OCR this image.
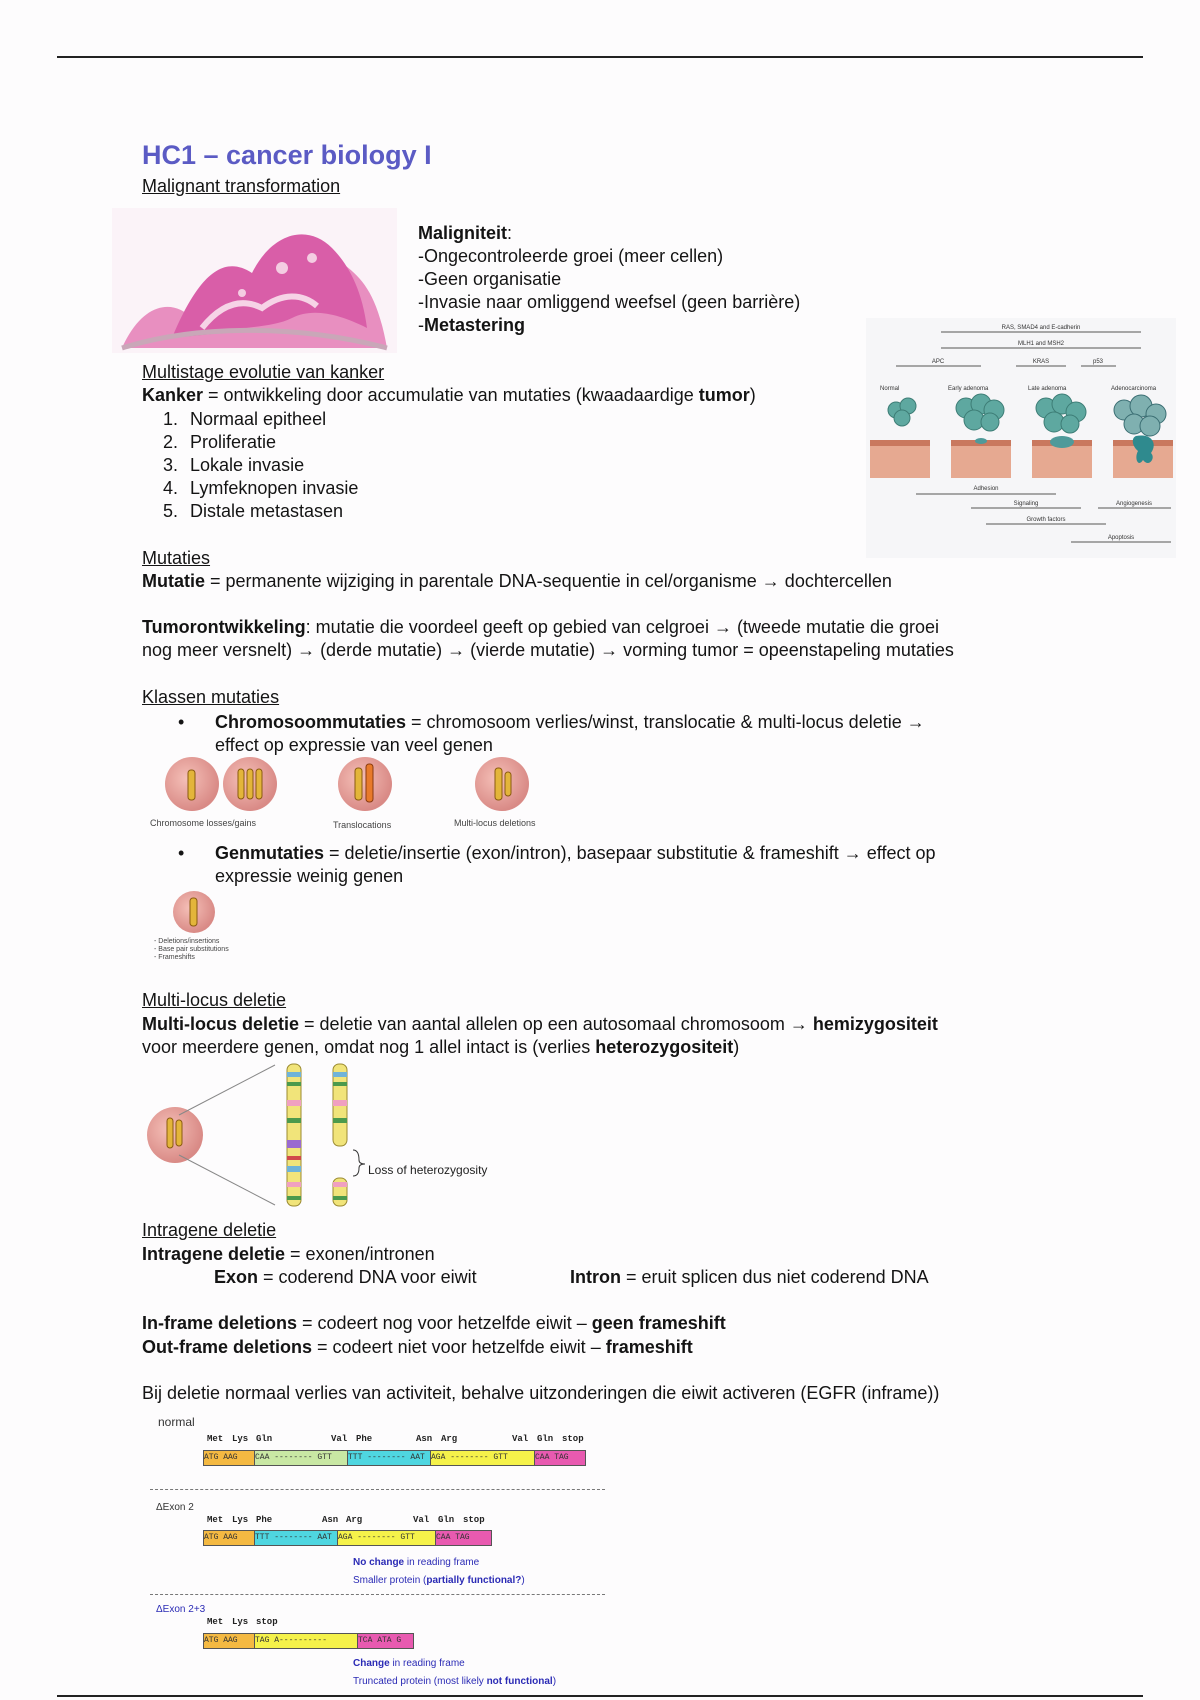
HC1 – cancer biology I
Malignant transformation
Maligniteit:
-Ongecontroleerde groei (meer cellen)
-Geen organisatie
-Invasie naar omliggend weefsel (geen barrière)
-Metastering	RAS, SMAD4 and E-cadherin
MLH1 and MSH2
APC	KRAS	p53
Normal	Early adenoma	Late adenoma	Adenocarcinoma
Adhesion
Signaling
Growth factors
Angiogenesis
Apoptosis
Multistage evolutie van kanker
Kanker = ontwikkeling door accumulatie van mutaties (kwaadaardige tumor)
1. Normaal epitheel
2. Proliferatie
3. Lokale invasie
4. Lymfeknopen invasie
5. Distale metastasen
Mutaties
Mutatie = permanente wijziging in parentale DNA-sequentie in cel/organisme → dochtercellen
Tumorontwikkeling: mutatie die voordeel geeft op gebied van celgroei → (tweede mutatie die groei
nog meer versnelt) → (derde mutatie) → (vierde mutatie) → vorming tumor = opeenstapeling mutaties
Klassen mutaties
• Chromosoommutaties = chromosoom verlies/winst, translocatie & multi-locus deletie →
effect op expressie van veel genen
Chromosome losses/gains	Translocations	Multi-locus deletions
• Genmutaties = deletie/insertie (exon/intron), basepaar substitutie & frameshift → effect op
expressie weinig genen
- Deletions/insertions
- Base pair substitutions
- Frameshifts
Multi-locus deletie
Multi-locus deletie = deletie van aantal allelen op een autosomaal chromosoom → hemizygositeit
voor meerdere genen, omdat nog 1 allel intact is (verlies heterozygositeit)
Loss of heterozygosity
Intragene deletie
Intragene deletie = exonen/intronen
Exon = coderend DNA voor eiwit	Intron = eruit splicen dus niet coderend DNA
In-frame deletions = codeert nog voor hetzelfde eiwit – geen frameshift
Out-frame deletions = codeert niet voor hetzelfde eiwit – frameshift
Bij deletie normaal verlies van activiteit, behalve uitzonderingen die eiwit activeren (EGFR (inframe))
normal
Met Lys Gln	Val Phe	Asn Arg	Val Gln stop
ATG AAG	CAA -------- GTT	TTT -------- AAT AGA -------- GTT	CAA TAG
ΔExon 2
Met Lys Phe	Asn Arg	Val Gln stop
ATG AAG	TTT -------- AAT AGA -------- GTT	CAA TAG
No change in reading frame
Smaller protein (partially functional?)
ΔExon 2+3
Met Lys stop
ATG AAG	TAG A----------	TCA ATA G
Change in reading frame
Truncated protein (most likely not functional)
